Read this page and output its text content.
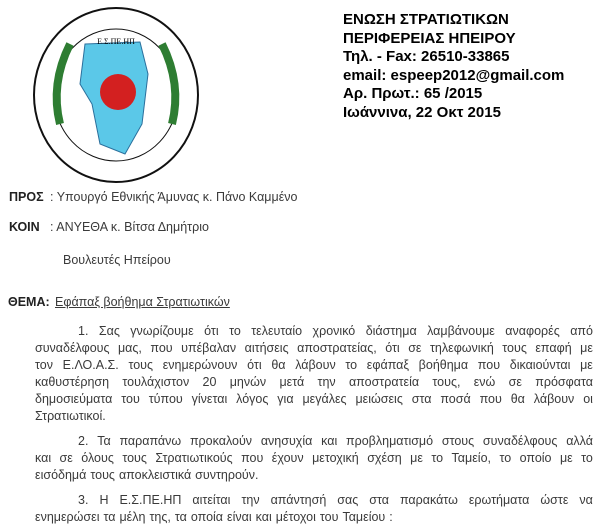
Ε.Σ.ΠΕ.ΗΠ
ΕΝΩΣΗ ΣΤΡΑΤΙΩΤΙΚΩΝ
ΠΕΡΙΦΕΡΕΙΑΣ ΗΠΕΙΡΟΥ
Τηλ. - Fax: 26510-33865
email: espeep2012@gmail.com
Αρ. Πρωτ.: 65 /2015
Ιωάννινα, 22 Οκτ 2015
ΠΡΟΣ : Υπουργό Εθνικής Άμυνας κ. Πάνο Καμμένο
ΚΟΙΝ : ΑΝΥΕΘΑ κ. Βίτσα Δημήτριο
Βουλευτές Ηπείρου
ΘΕΜΑ: Εφάπαξ βοήθημα Στρατιωτικών
1. Σας γνωρίζουμε ότι το τελευταίο χρονικό διάστημα λαμβάνουμε αναφορές από
συναδέλφους μας, που υπέβαλαν αιτήσεις αποστρατείας, ότι σε τηλεφωνική τους επαφή με
τον Ε.ΛΟ.Α.Σ. τους ενημερώνουν ότι θα λάβουν το εφάπαξ βοήθημα που δικαιούνται με
καθυστέρηση τουλάχιστον 20 μηνών μετά την αποστρατεία τους, ενώ σε πρόσφατα
δημοσιεύματα του τύπου γίνεται λόγος για μεγάλες μειώσεις στα ποσά που θα λάβουν οι
Στρατιωτικοί.
2. Τα παραπάνω προκαλούν ανησυχία και προβληματισμό στους συναδέλφους αλλά
και σε όλους τους Στρατιωτικούς που έχουν μετοχική σχέση με το Ταμείο, το οποίο με το
εισόδημά τους αποκλειστικά συντηρούν.
3. Η Ε.Σ.ΠΕ.ΗΠ αιτείται την απάντησή σας στα παρακάτω ερωτήματα ώστε να
ενημερώσει τα μέλη της, τα οποία είναι και μέτοχοι του Ταμείου :
